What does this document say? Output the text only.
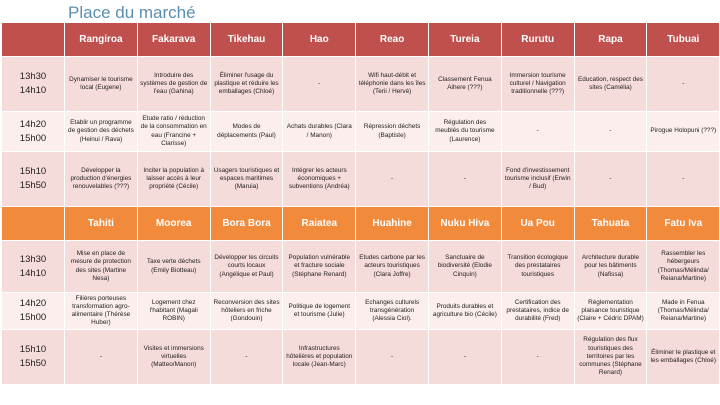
Place du marché
	Rangiroa	Fakarava	Tikehau	Hao	Reao	Tureia	Rurutu	Rapa	Tubuai

13h30
14h10	Dynamiser le tourisme local (Eugene)	Introduire des systèmes de gestion de l'eau (Gahina)	Éliminer l'usage du plastique et réduire les emballages (Chloé)	-	Wifi haut-débit et téléphonie dans les îles (Terii / Hervé)	Classement Fenua Aihere (???)	Immersion tourisme culturel / Navigation traditionnelle (???)	Education, respect des sites (Camélia)	-

14h20
15h00	Etablir un programme de gestion des déchets (Heinui / Rava)	Etude ratio / réduction de la consommation en eau (Francine + Clarisse)	Modes de déplacements (Paul)	Achats durables (Clara / Manon)	Répression déchets (Baptiste)	Régulation des meublés du tourisme (Laurence)	-	-	Pirogue Holopuni (???)

15h10
15h50	Développer la production d'énergies renouvelables (???)	Inciter la population à laisser accès à leur propriété (Cécile)	Usagers touristiques et espaces maritimes (Maruia)	Intégrer les acteurs économiques + subventions (Andréa)	-	-	Fond d'investissement tourisme inclusif (Erwin / Bud)	-	-
	Tahiti	Moorea	Bora Bora	Raiatea	Huahine	Nuku Hiva	Ua Pou	Tahuata	Fatu Iva

13h30
14h10	Mise en place de mesure de protection des sites (Martine Nesa)	Taxe verte déchets (Emily Biotteau)	Développer les circuits courts locaux (Angélique et Paul)	Population vulnérable et fracture sociale (Stéphane Renard)	Etudes carbone par les acteurs touristiques (Clara Joffre)	Sanctuaire de biodiversité (Elodie Cinquin)	Transition écologique des prestataires touristiques	Architecture durable pour les bâtiments (Nafissa)	Rassembler les hébergeurs (Thomas/Mélinda/ Reiana/Martine)

14h20
15h00	Filières porteuses transformation agro-alimentaire (Thérèse Huber)	Logement chez l'habitant (Magali ROBIN)	Reconversion des sites hôteliers en friche (Gondouin)	Politique de logement et tourisme (Julie)	Echanges culturels transgénération (Alessia Ciol).	Produits durables et agriculture bio (Cécile)	Certification des prestataires, indice de durabilité (Fred)	Réglementation plaisance touristique (Claire + Cédric DPAM)	Made in Fenua (Thomas/Mélinda/ Reiana/Martine)

15h10
15h50	-	Visites et immersions virtuelles (Matteo/Manon)	-	Infrastructures hôtelières et population locale (Jean-Marc)	-	-	-	Régulation des flux touristiques des territoires par les communes (Stéphane Renard)	Éliminer le plastique et les emballages (Chloé)
